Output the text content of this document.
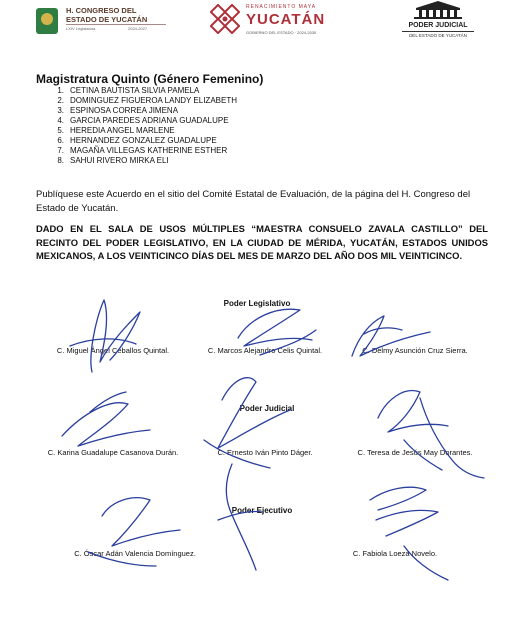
H. CONGRESO DEL
ESTADO DE YUCATÁN
LXIV Legislatura	2024-2027
RENACIMIENTO MAYA
YUCATÁN
GOBIERNO DEL ESTADO · 2024-2030
PODER JUDICIAL
DEL ESTADO DE YUCATÁN
Magistratura Quinto (Género Femenino)
1. CETINA BAUTISTA SILVIA PAMELA
2. DOMINGUEZ FIGUEROA LANDY ELIZABETH
3. ESPINOSA CORREA JIMENA
4. GARCIA PAREDES ADRIANA GUADALUPE
5. HEREDIA ANGEL MARLENE
6. HERNANDEZ GONZALEZ GUADALUPE
7. MAGAÑA VILLEGAS KATHERINE ESTHER
8. SAHUI RIVERO MIRKA ELI
Publíquese este Acuerdo en el sitio del Comité Estatal de Evaluación, de la página del H. Congreso del Estado de Yucatán.
DADO EN EL SALA DE USOS MÚLTIPLES “MAESTRA CONSUELO ZAVALA CASTILLO” DEL RECINTO DEL PODER LEGISLATIVO, EN LA CIUDAD DE MÉRIDA, YUCATÁN, ESTADOS UNIDOS MEXICANOS, A LOS VEINTICINCO DÍAS DEL MES DE MARZO DEL AÑO DOS MIL VEINTICINCO.
Poder Legislativo
C. Miguel Ángel Ceballos Quintal.	C. Marcos Alejandro Celis Quintal.	C. Delmy Asunción Cruz Sierra.
Poder Judicial
C. Karina Guadalupe Casanova Durán.	C. Ernesto Iván Pinto Dáger.	C. Teresa de Jesús May Dorantes.
Poder Ejecutivo
C. Óscar Adán Valencia Domínguez.	C. Fabiola Loeza Novelo.
